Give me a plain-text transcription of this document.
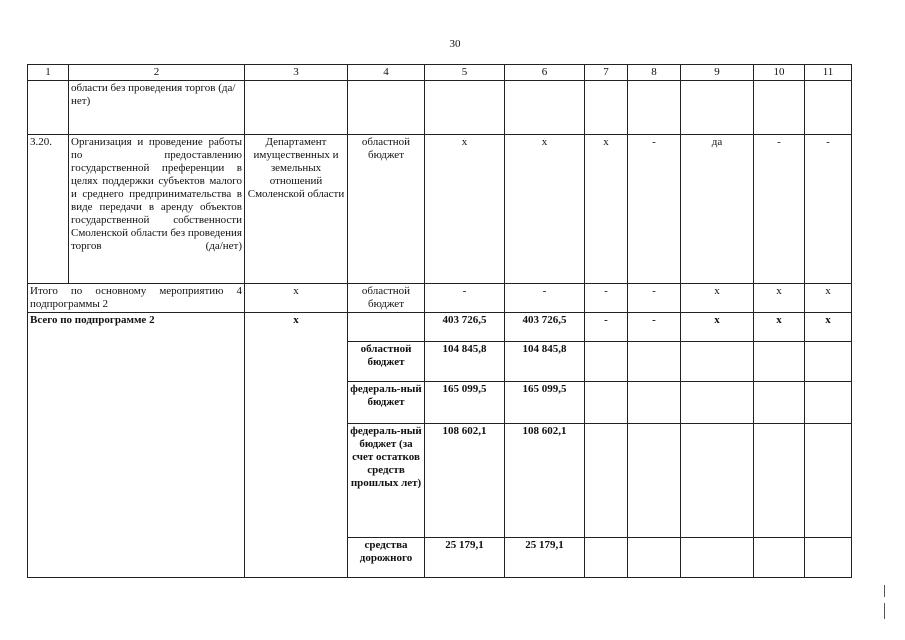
30
1	2	3	4	5	6	7	8	9	10	11
	области без проведения торгов (да/нет)									
3.20.	Организация и проведение работы по предоставлению государственной преференции в целях поддержки субъектов малого и среднего предпринимательства в виде передачи в аренду объектов государственной собственности Смоленской области без проведения торгов (да/нет)	Департамент имущественных и земельных отношений Смоленской области	областной бюджет	x	x	x	-	да	-	-
Итого по основному мероприятию 4 подпрограммы 2		x	областной бюджет	-	-	-	-	x	x	x
Всего по подпрограмме 2		x		403 726,5	403 726,5	-	-	x	x	x
			областной бюджет	104 845,8	104 845,8					
			федераль-ный бюджет	165 099,5	165 099,5					
			федераль-ный бюджет (за счет остатков средств прошлых лет)	108 602,1	108 602,1					
			средства дорожного	25 179,1	25 179,1					
